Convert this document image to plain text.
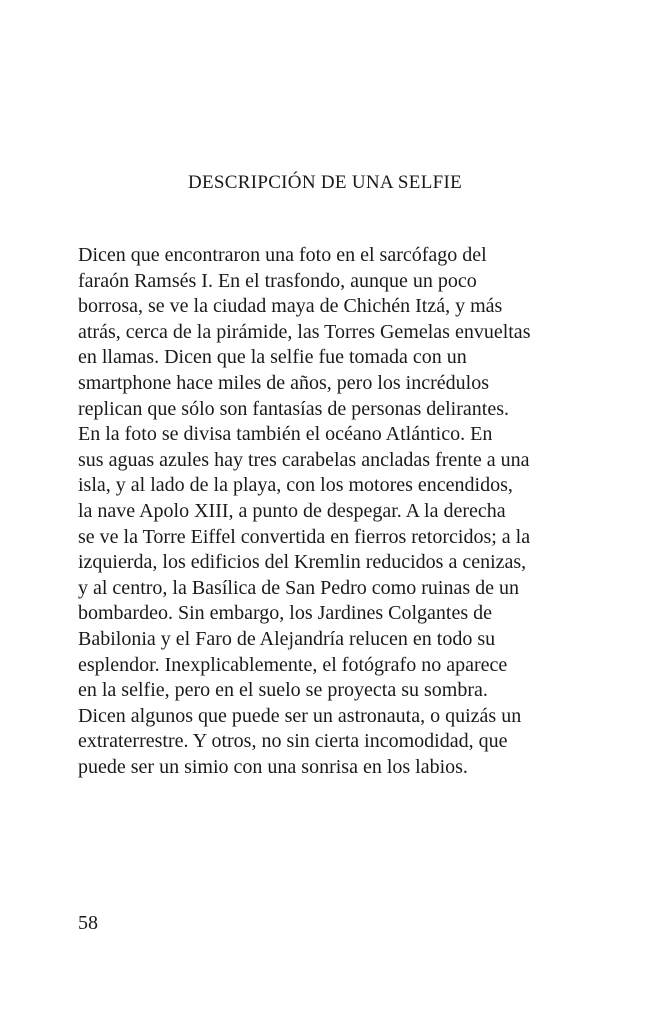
DESCRIPCIÓN DE UNA SELFIE
Dicen que encontraron una foto en el sarcófago del
faraón Ramsés I. En el trasfondo, aunque un poco
borrosa, se ve la ciudad maya de Chichén Itzá, y más
atrás, cerca de la pirámide, las Torres Gemelas envueltas
en llamas. Dicen que la selfie fue tomada con un
smartphone hace miles de años, pero los incrédulos
replican que sólo son fantasías de personas delirantes.
En la foto se divisa también el océano Atlántico. En
sus aguas azules hay tres carabelas ancladas frente a una
isla, y al lado de la playa, con los motores encendidos,
la nave Apolo XIII, a punto de despegar. A la derecha
se ve la Torre Eiffel convertida en fierros retorcidos; a la
izquierda, los edificios del Kremlin reducidos a cenizas,
y al centro, la Basílica de San Pedro como ruinas de un
bombardeo. Sin embargo, los Jardines Colgantes de
Babilonia y el Faro de Alejandría relucen en todo su
esplendor. Inexplicablemente, el fotógrafo no aparece
en la selfie, pero en el suelo se proyecta su sombra.
Dicen algunos que puede ser un astronauta, o quizás un
extraterrestre. Y otros, no sin cierta incomodidad, que
puede ser un simio con una sonrisa en los labios.
58
